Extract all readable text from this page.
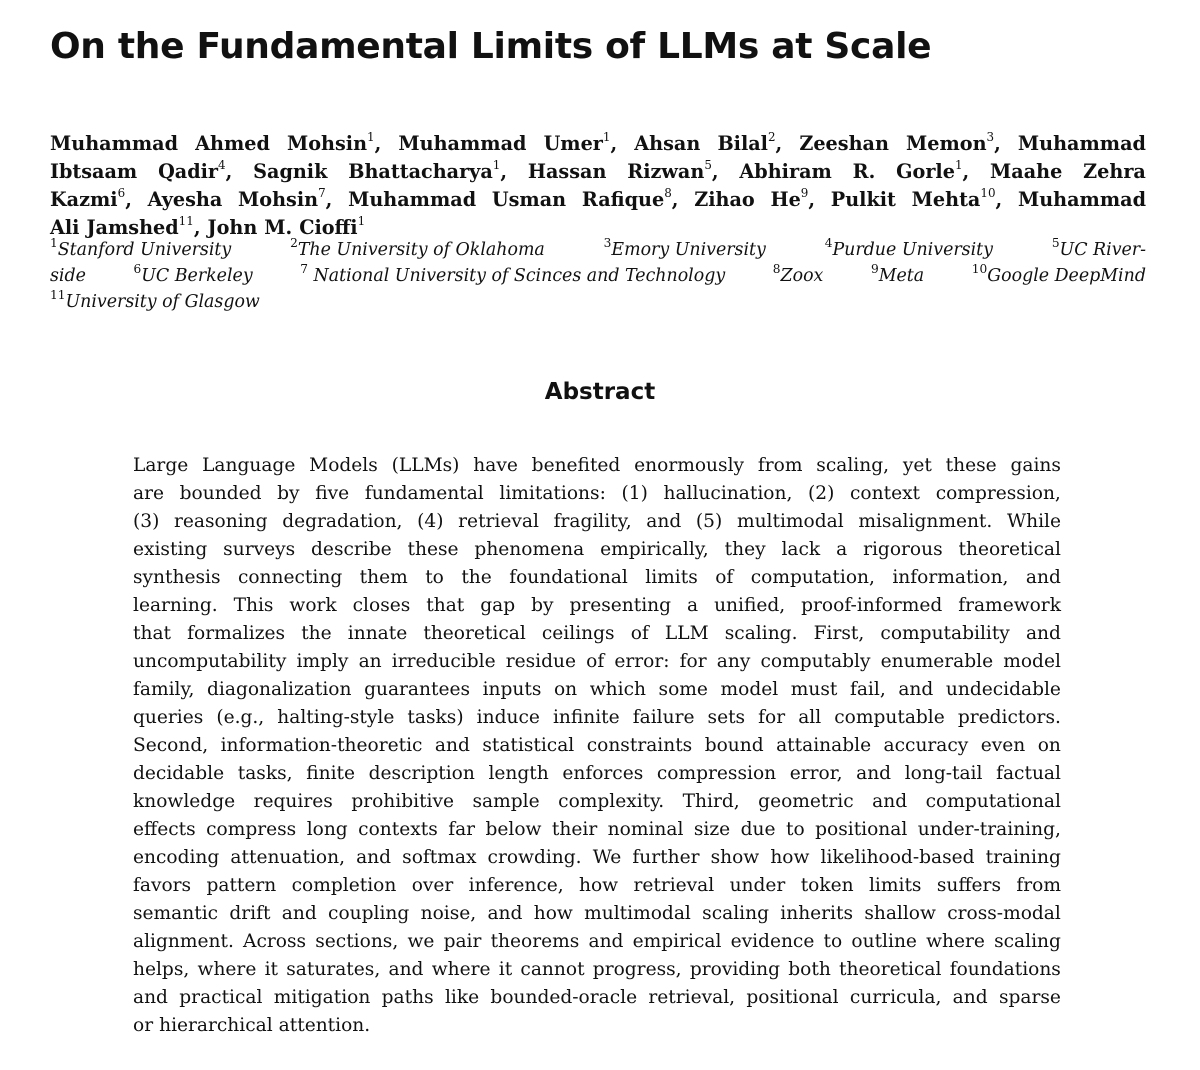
On the Fundamental Limits of LLMs at Scale
Muhammad Ahmed Mohsin$^1$, Muhammad Umer$^1$, Ahsan Bilal$^2$, Zeeshan Memon$^3$, Muhammad
Ibtsaam Qadir$^4$, Sagnik Bhattacharya$^1$, Hassan Rizwan$^5$, Abhiram R. Gorle$^1$, Maahe Zehra
Kazmi$^6$, Ayesha Mohsin$^7$, Muhammad Usman Rafique$^8$, Zihao He$^9$, Pulkit Mehta$^{10}$, Muhammad
Ali Jamshed$^{11}$, John M. Cioffi$^1$
$^1$Stanford University	$^2$The University of Oklahoma	$^3$Emory University	$^4$Purdue University	$^5$UC River-
side	$^6$UC Berkeley	$^7$ National University of Scinces and Technology	$^8$Zoox	$^9$Meta	$^{10}$Google DeepMind
$^{11}$University of Glasgow
Abstract
Large Language Models (LLMs) have benefited enormously from scaling, yet these gains
are bounded by five fundamental limitations: (1) hallucination, (2) context compression,
(3) reasoning degradation, (4) retrieval fragility, and (5) multimodal misalignment. While
existing surveys describe these phenomena empirically, they lack a rigorous theoretical
synthesis connecting them to the foundational limits of computation, information, and
learning. This work closes that gap by presenting a unified, proof-informed framework
that formalizes the innate theoretical ceilings of LLM scaling. First, computability and
uncomputability imply an irreducible residue of error: for any computably enumerable model
family, diagonalization guarantees inputs on which some model must fail, and undecidable
queries (e.g., halting-style tasks) induce infinite failure sets for all computable predictors.
Second, information-theoretic and statistical constraints bound attainable accuracy even on
decidable tasks, finite description length enforces compression error, and long-tail factual
knowledge requires prohibitive sample complexity. Third, geometric and computational
effects compress long contexts far below their nominal size due to positional under-training,
encoding attenuation, and softmax crowding. We further show how likelihood-based training
favors pattern completion over inference, how retrieval under token limits suffers from
semantic drift and coupling noise, and how multimodal scaling inherits shallow cross-modal
alignment. Across sections, we pair theorems and empirical evidence to outline where scaling
helps, where it saturates, and where it cannot progress, providing both theoretical foundations
and practical mitigation paths like bounded-oracle retrieval, positional curricula, and sparse
or hierarchical attention.
